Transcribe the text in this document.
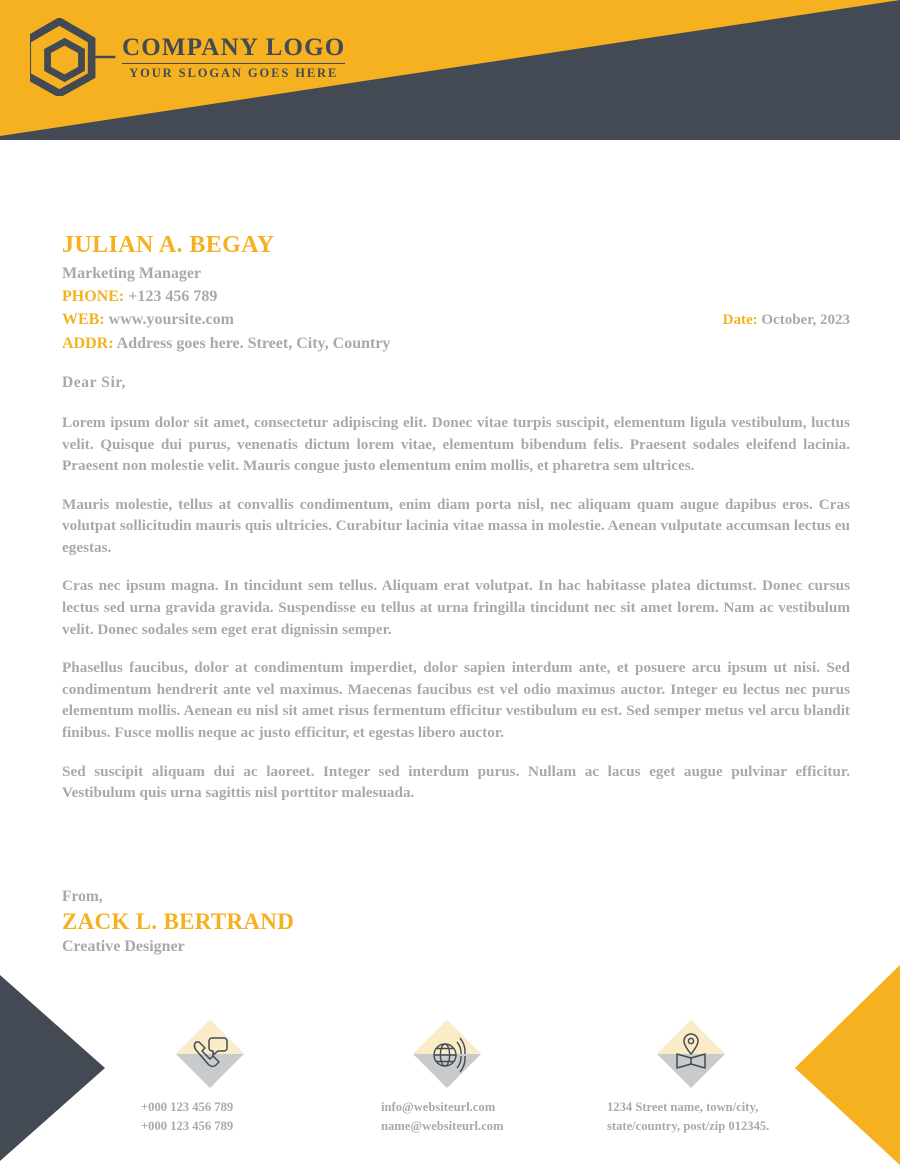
COMPANY LOGO
YOUR SLOGAN GOES HERE
JULIAN A. BEGAY
Marketing Manager
PHONE: +123 456 789
WEB: www.yoursite.com
ADDR: Address goes here. Street, City, Country
Date: October, 2023
Dear Sir,

Lorem ipsum dolor sit amet, consectetur adipiscing elit. Donec vitae turpis suscipit, elementum ligula vestibulum, luctus velit. Quisque dui purus, venenatis dictum lorem vitae, elementum bibendum felis. Praesent sodales eleifend lacinia. Praesent non molestie velit. Mauris congue justo elementum enim mollis, et pharetra sem ultrices.

Mauris molestie, tellus at convallis condimentum, enim diam porta nisl, nec aliquam quam augue dapibus eros. Cras volutpat sollicitudin mauris quis ultricies. Curabitur lacinia vitae massa in molestie. Aenean vulputate accumsan lectus eu egestas.

Cras nec ipsum magna. In tincidunt sem tellus. Aliquam erat volutpat. In hac habitasse platea dictumst. Donec cursus lectus sed urna gravida gravida. Suspendisse eu tellus at urna fringilla tincidunt nec sit amet lorem. Nam ac vestibulum velit. Donec sodales sem eget erat dignissin semper.

Phasellus faucibus, dolor at condimentum imperdiet, dolor sapien interdum ante, et posuere arcu ipsum ut nisi. Sed condimentum hendrerit ante vel maximus. Maecenas faucibus est vel odio maximus auctor. Integer eu lectus nec purus elementum mollis. Aenean eu nisl sit amet risus fermentum efficitur vestibulum eu est. Sed semper metus vel arcu blandit finibus. Fusce mollis neque ac justo efficitur, et egestas libero auctor.

Sed suscipit aliquam dui ac laoreet. Integer sed interdum purus. Nullam ac lacus eget augue pulvinar efficitur. Vestibulum quis urna sagittis nisl porttitor malesuada.

From,
ZACK L. BERTRAND
Creative Designer
+000 123 456 789
+000 123 456 789
info@websiteurl.com
name@websiteurl.com
1234 Street name, town/city,
state/country, post/zip 012345.
